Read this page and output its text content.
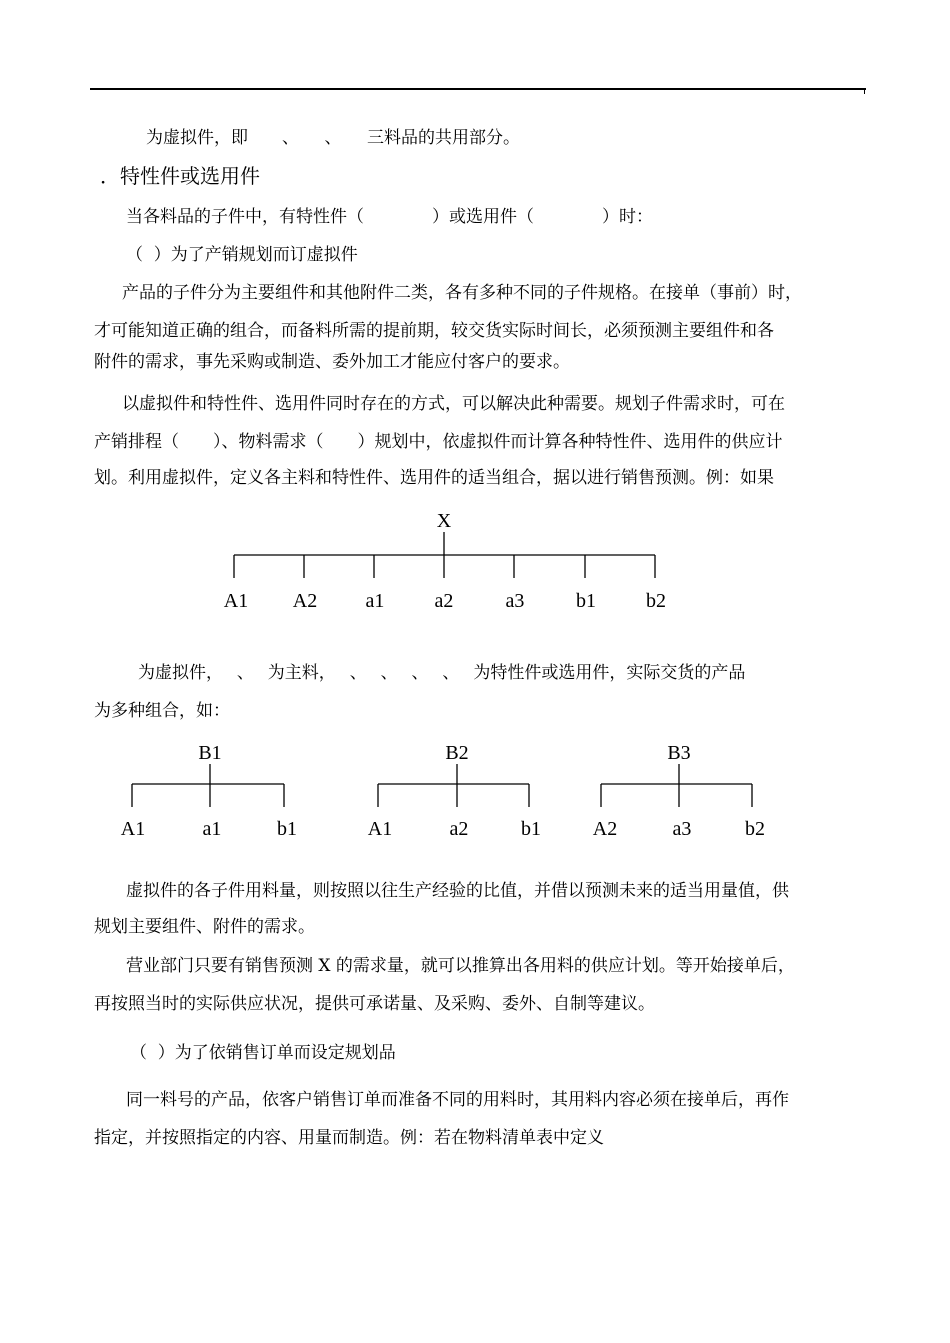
为虚拟件，即　　、　　、　　三料品的共用部分。
．特性件或选用件
当各料品的子件中，有特性件（　　　　）或选用件（　　　　）时：
（  ）为了产销规划而订虚拟件
产品的子件分为主要组件和其他附件二类，各有多种不同的子件规格。在接单（事前）时，
才可能知道正确的组合，而备料所需的提前期，较交货实际时间长，必须预测主要组件和各
附件的需求，事先采购或制造、委外加工才能应付客户的要求。
以虚拟件和特性件、选用件同时存在的方式，可以解决此种需要。规划子件需求时，可在
产销排程（　　）、物料需求（　　）规划中，依虚拟件而计算各种特性件、选用件的供应计
划。利用虚拟件，定义各主料和特性件、选用件的适当组合，据以进行销售预测。例：如果
X
A1 A2 a1	a2	a3	b1	b2
B1
A1	a1	b1
B2
A1	a2	b1
B3
A2	a3	b2
为虚拟件，　 、　 为主料，　 、　 、　 、　 、　 为特性件或选用件，实际交货的产品
为多种组合，如：
虚拟件的各子件用料量，则按照以往生产经验的比值，并借以预测未来的适当用量值，供
规划主要组件、附件的需求。
营业部门只要有销售预测 X 的需求量，就可以推算出各用料的供应计划。等开始接单后，
再按照当时的实际供应状况，提供可承诺量、及采购、委外、自制等建议。
（  ）为了依销售订单而设定规划品
同一料号的产品，依客户销售订单而准备不同的用料时，其用料内容必须在接单后，再作
指定，并按照指定的内容、用量而制造。例：若在物料清单表中定义
